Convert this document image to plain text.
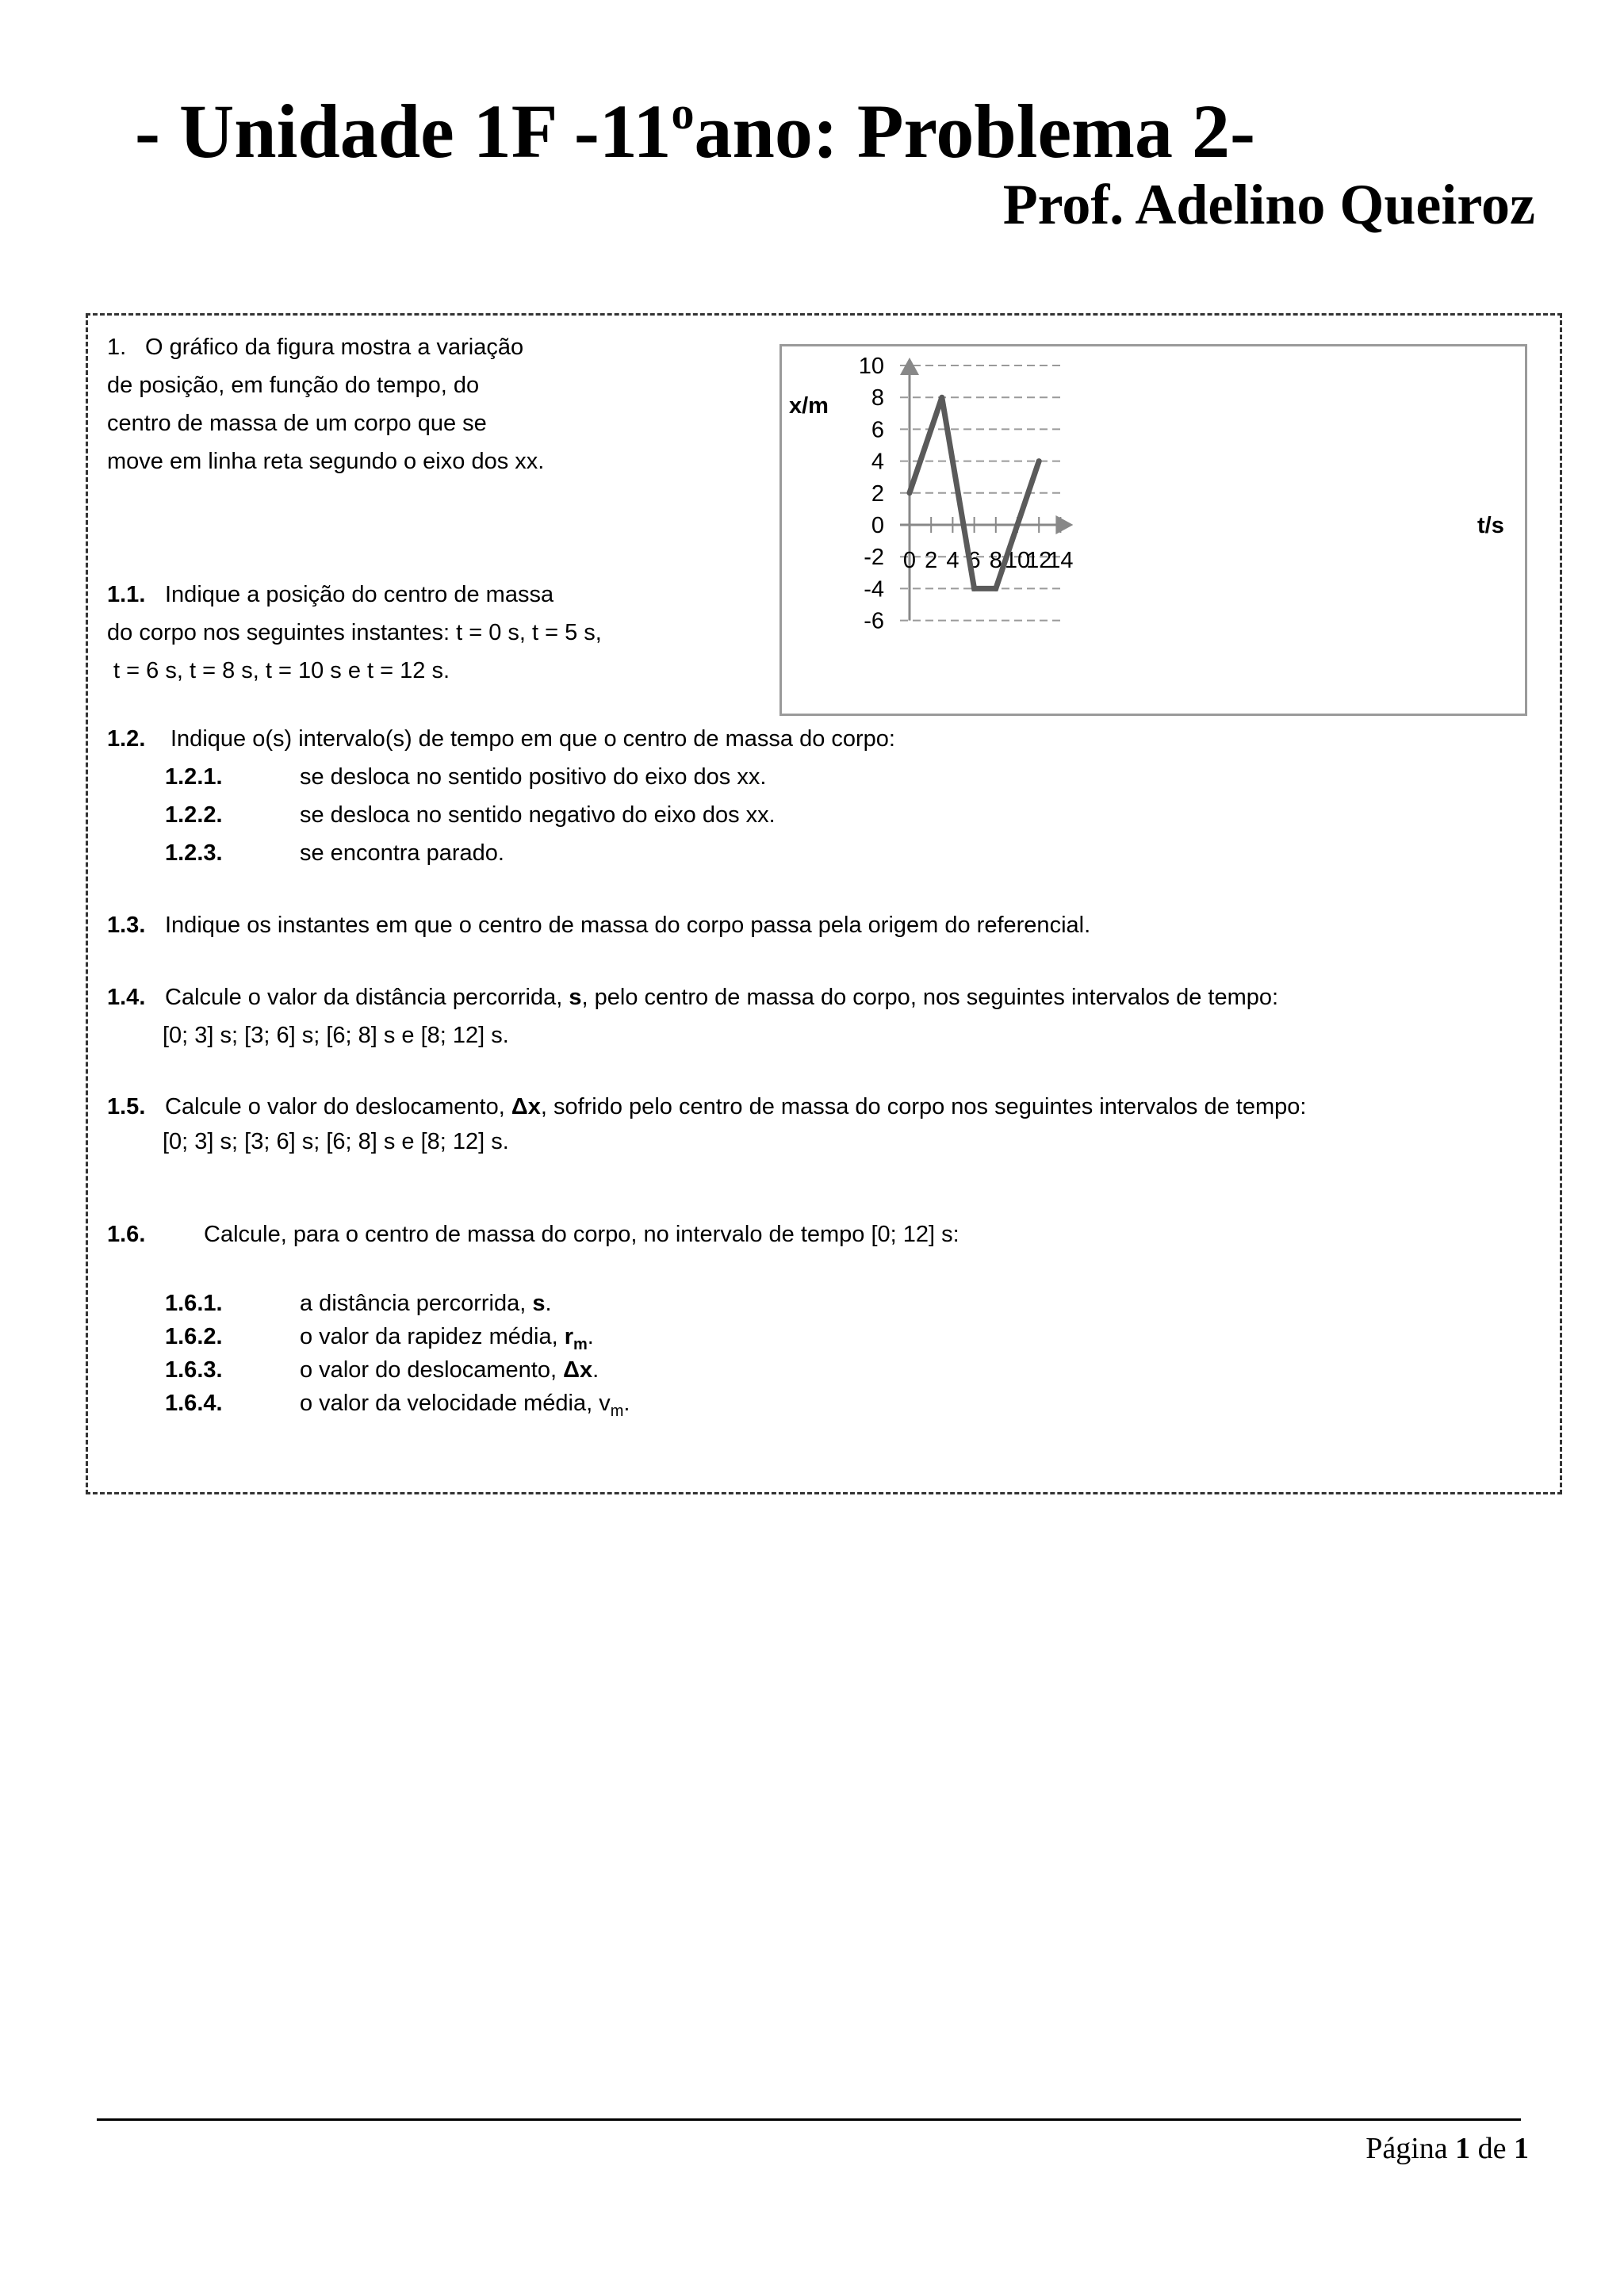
- Unidade 1F -11$^o$ano: Problema 2-
Prof. Adelino Queiroz
1. O gráfico da figura mostra a variação
de posição, em função do tempo, do
centro de massa de um corpo que se
move em linha reta segundo o eixo dos xx.
1.1. Indique a posição do centro de massa
do corpo nos seguintes instantes: t = 0 s, t = 5 s,
t = 6 s, t = 8 s, t = 10 s e t = 12 s.
x/m
t/s
0 2 4 6 8 10
12
14
10
8
6
4
2
0
-2
-4
-6
1.2. Indique o(s) intervalo(s) de tempo em que o centro de massa do corpo:
1.2.1.	se desloca no sentido positivo do eixo dos xx.
1.2.2.	se desloca no sentido negativo do eixo dos xx.
1.2.3.	se encontra parado.
1.3. Indique os instantes em que o centro de massa do corpo passa pela origem do referencial.
1.4. Calcule o valor da distância percorrida, s, pelo centro de massa do corpo, nos seguintes intervalos de tempo:
[0; 3] s; [3; 6] s; [6; 8] s e [8; 12] s.
1.5. Calcule o valor do deslocamento, Δx, sofrido pelo centro de massa do corpo nos seguintes intervalos de tempo:
[0; 3] s; [3; 6] s; [6; 8] s e [8; 12] s.
1.6.	Calcule, para o centro de massa do corpo, no intervalo de tempo [0; 12] s:
1.6.1.	a distância percorrida, s.
1.6.2.	o valor da rapidez média, $r_m$.
1.6.3.	o valor do deslocamento, Δx.
1.6.4.	o valor da velocidade média, $v_m$.
Página 1 de 1
